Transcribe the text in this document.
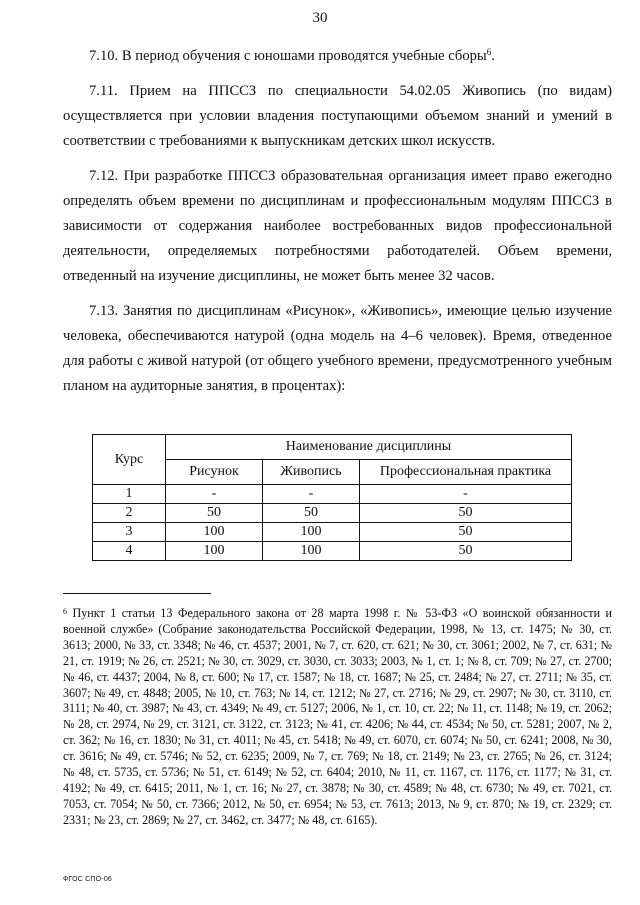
30

7.10. В период обучения с юношами проводятся учебные сборы$^6$.

7.11. Прием на ППССЗ по специальности 54.02.05 Живопись (по видам) осуществляется при условии владения поступающими объемом знаний и умений в соответствии с требованиями к выпускникам детских школ искусств.

7.12. При разработке ППССЗ образовательная организация имеет право ежегодно определять объем времени по дисциплинам и профессиональным модулям ППССЗ в зависимости от содержания наиболее востребованных видов профессиональной деятельности, определяемых потребностями работодателей. Объем времени, отведенный на изучение дисциплины, не может быть менее 32 часов.

7.13. Занятия по дисциплинам «Рисунок», «Живопись», имеющие целью изучение человека, обеспечиваются натурой (одна модель на 4–6 человек). Время, отведенное для работы с живой натурой (от общего учебного времени, предусмотренного учебным планом на аудиторные занятия, в процентах):

Курс	Наименование дисциплины		
	Рисунок	Живопись	Профессиональная практика
1	-	-	-
2	50	50	50
3	100	100	50
4	100	100	50

$^6$ Пункт 1 статьи 13 Федерального закона от 28 марта 1998 г. № 53-ФЗ «О воинской обязанности и военной службе» (Собрание законодательства Российской Федерации, 1998, № 13, ст. 1475; № 30, ст. 3613; 2000, № 33, ст. 3348; № 46, ст. 4537; 2001, № 7, ст. 620, ст. 621; № 30, ст. 3061; 2002, № 7, ст. 631; № 21, ст. 1919; № 26, ст. 2521; № 30, ст. 3029, ст. 3030, ст. 3033; 2003, № 1, ст. 1; № 8, ст. 709; № 27, ст. 2700; № 46, ст. 4437; 2004, № 8, ст. 600; № 17, ст. 1587; № 18, ст. 1687; № 25, ст. 2484; № 27, ст. 2711; № 35, ст. 3607; № 49, ст. 4848; 2005, № 10, ст. 763; № 14, ст. 1212; № 27, ст. 2716; № 29, ст. 2907; № 30, ст. 3110, ст. 3111; № 40, ст. 3987; № 43, ст. 4349; № 49, ст. 5127; 2006, № 1, ст. 10, ст. 22; № 11, ст. 1148; № 19, ст. 2062; № 28, ст. 2974, № 29, ст. 3121, ст. 3122, ст. 3123; № 41, ст. 4206; № 44, ст. 4534; № 50, ст. 5281; 2007, № 2, ст. 362; № 16, ст. 1830; № 31, ст. 4011; № 45, ст. 5418; № 49, ст. 6070, ст. 6074; № 50, ст. 6241; 2008, № 30, ст. 3616; № 49, ст. 5746; № 52, ст. 6235; 2009, № 7, ст. 769; № 18, ст. 2149; № 23, ст. 2765; № 26, ст. 3124; № 48, ст. 5735, ст. 5736; № 51, ст. 6149; № 52, ст. 6404; 2010, № 11, ст. 1167, ст. 1176, ст. 1177; № 31, ст. 4192; № 49, ст. 6415; 2011, № 1, ст. 16; № 27, ст. 3878; № 30, ст. 4589; № 48, ст. 6730; № 49, ст. 7021, ст. 7053, ст. 7054; № 50, ст. 7366; 2012, № 50, ст. 6954; № 53, ст. 7613; 2013, № 9, ст. 870; № 19, ст. 2329; ст. 2331; № 23, ст. 2869; № 27, ст. 3462, ст. 3477; № 48, ст. 6165).

ФГОС СПО-06
